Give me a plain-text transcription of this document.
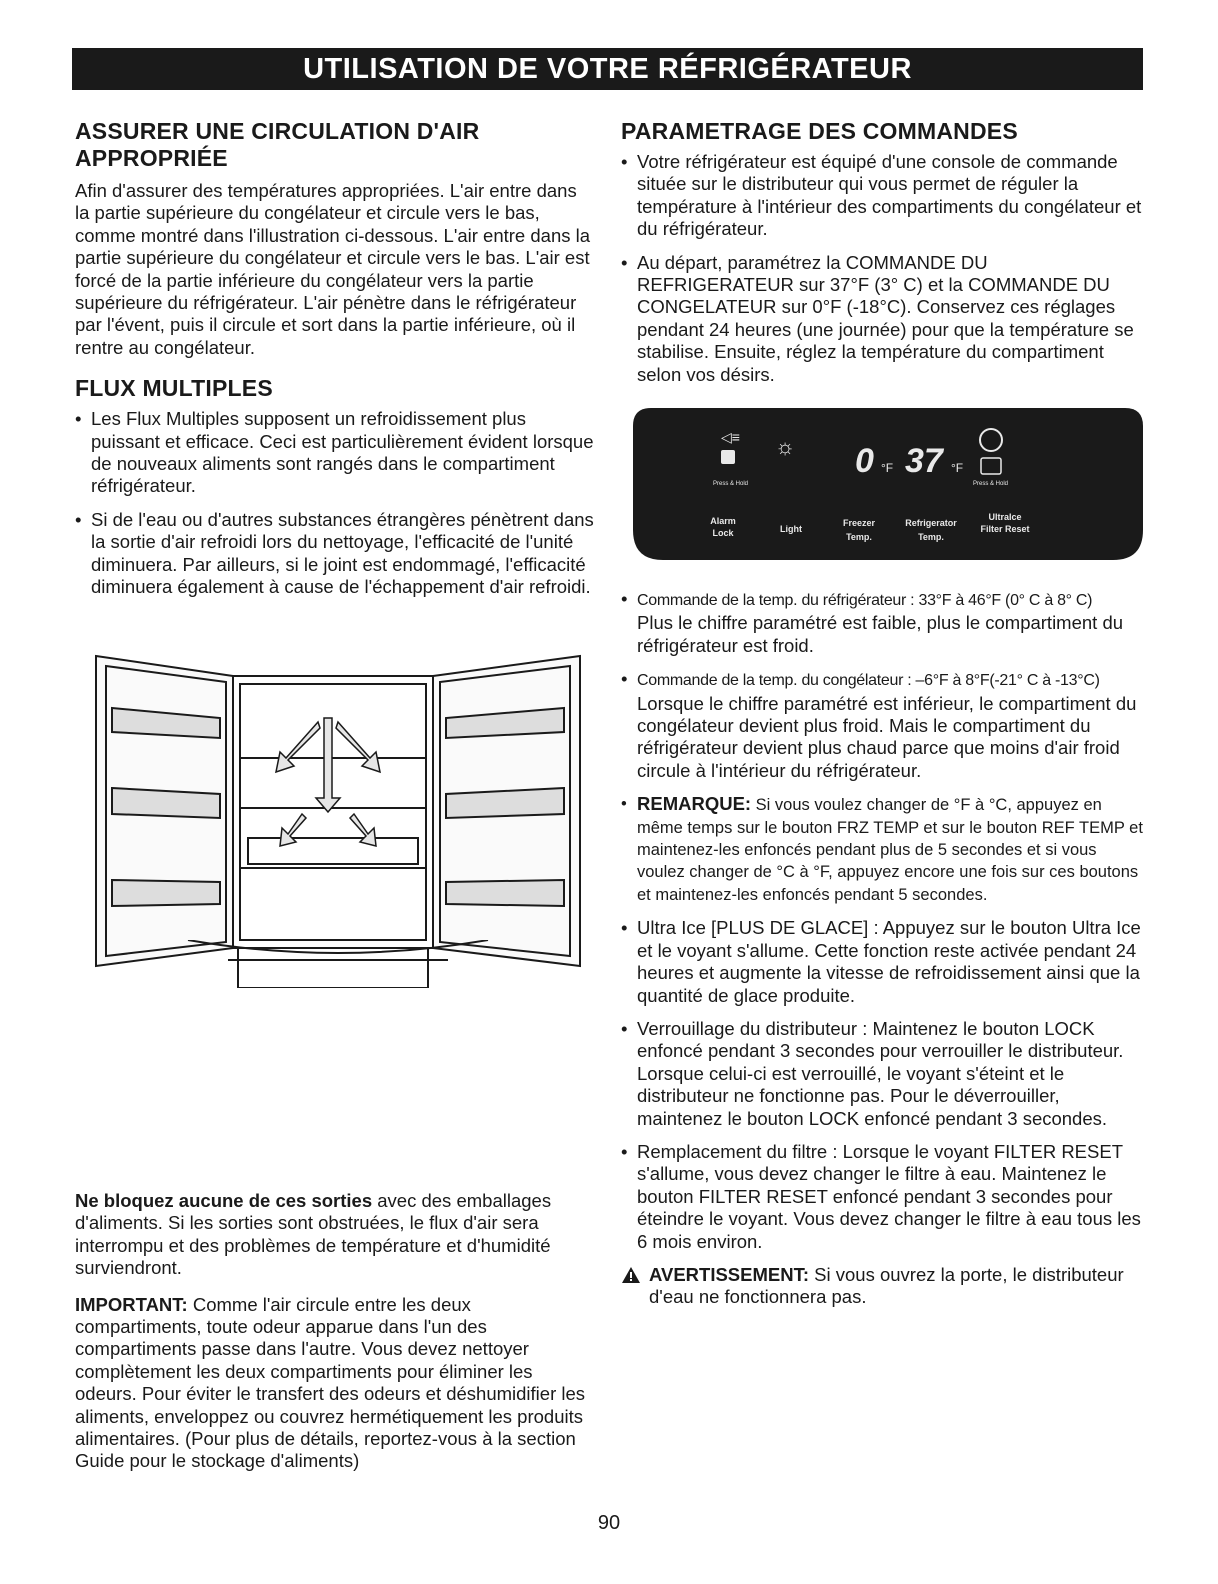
UTILISATION DE VOTRE RÉFRIGÉRATEUR
ASSURER UNE CIRCULATION D'AIR APPROPRIÉE

Afin d'assurer des températures appropriées. L'air entre dans la partie supérieure du congélateur et circule vers le bas, comme montré dans l'illustration ci-dessous. L'air entre dans la partie supérieure du congélateur et circule vers le bas. L'air est forcé de la partie inférieure du congélateur vers la partie supérieure du réfrigérateur. L'air pénètre dans le réfrigérateur par l'évent, puis il circule et sort dans la partie inférieure, où il rentre au congélateur.

FLUX MULTIPLES
• Les Flux Multiples supposent un refroidissement plus puissant et efficace. Ceci est particulièrement évident lorsque de nouveaux aliments sont rangés dans le compartiment réfrigérateur.
• Si de l'eau ou d'autres substances étrangères pénètrent dans la sortie d'air refroidi lors du nettoyage, l'efficacité de l'unité diminuera. Par ailleurs, si le joint est endommagé, l'efficacité diminuera également à cause de l'échappement d'air refroidi.

Ne bloquez aucune de ces sorties avec des emballages d'aliments. Si les sorties sont obstruées, le flux d'air sera interrompu et des problèmes de température et d'humidité surviendront.

IMPORTANT: Comme l'air circule entre les deux compartiments, toute odeur apparue dans l'un des compartiments passe dans l'autre. Vous devez nettoyer complètement les deux compartiments pour éliminer les odeurs. Pour éviter le transfert des odeurs et déshumidifier les aliments, enveloppez ou couvrez hermétiquement les produits alimentaires. (Pour plus de détails, reportez-vous à la section Guide pour le stockage d'aliments)

PARAMETRAGE DES COMMANDES
• Votre réfrigérateur est équipé d'une console de commande située sur le distributeur qui vous permet de réguler la température à l'intérieur des compartiments du congélateur et du réfrigérateur.
• Au départ, paramétrez la COMMANDE DU REFRIGERATEUR sur 37°F (3° C) et la COMMANDE DU CONGELATEUR sur 0°F (-18°C). Conservez ces réglages pendant 24 heures (une journée) pour que la température se stabilise. Ensuite, réglez la température du compartiment selon vos désirs.
◁≡ ☼ 0 °F 37 °F
Press & Hold	Press & Hold
Alarm
Lock	Light
Freezer
Temp.
Refrigerator
Temp.
UltraIce
Filter Reset
• Commande de la temp. du réfrigérateur : 33°F à 46°F (0° C à 8° C)
Plus le chiffre paramétré est faible, plus le compartiment du réfrigérateur est froid.
• Commande de la temp. du congélateur : –6°F à 8°F(-21° C à -13°C)
Lorsque le chiffre paramétré est inférieur, le compartiment du congélateur devient plus froid. Mais le compartiment du réfrigérateur devient plus chaud parce que moins d'air froid circule à l'intérieur du réfrigérateur.
• REMARQUE: Si vous voulez changer de °F à °C, appuyez en même temps sur le bouton FRZ TEMP et sur le bouton REF TEMP et maintenez-les enfoncés pendant plus de 5 secondes et si vous voulez changer de °C à °F, appuyez encore une fois sur ces boutons et maintenez-les enfoncés pendant 5 secondes.
• Ultra Ice [PLUS DE GLACE] : Appuyez sur le bouton Ultra Ice et le voyant s'allume. Cette fonction reste activée pendant 24 heures et augmente la vitesse de refroidissement ainsi que la quantité de glace produite.
• Verrouillage du distributeur : Maintenez le bouton LOCK enfoncé pendant 3 secondes pour verrouiller le distributeur. Lorsque celui-ci est verrouillé, le voyant s'éteint et le distributeur ne fonctionne pas. Pour le déverrouiller, maintenez le bouton LOCK enfoncé pendant 3 secondes.
• Remplacement du filtre : Lorsque le voyant FILTER RESET s'allume, vous devez changer le filtre à eau. Maintenez le bouton FILTER RESET enfoncé pendant 3 secondes pour éteindre le voyant. Vous devez changer le filtre à eau tous les 6 mois environ.
AVERTISSEMENT: Si vous ouvrez la porte, le distributeur d'eau ne fonctionnera pas.
90
